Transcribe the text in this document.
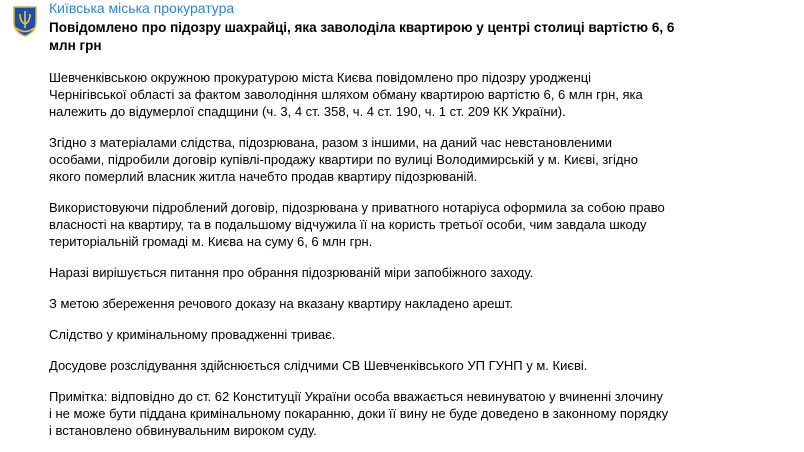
Київська міська прокуратура
Повідомлено про підозру шахрайці, яка заволоділа квартирою у центрі столиці вартістю 6, 6
млн грн
Шевченківською окружною прокуратурою міста Києва повідомлено про підозру уродженці
Чернігівської області за фактом заволодіння шляхом обману квартирою вартістю 6, 6 млн грн, яка
належить до відумерлої спадщини (ч. 3, 4 ст. 358, ч. 4 ст. 190, ч. 1 ст. 209 КК України).
Згідно з матеріалами слідства, підозрювана, разом з іншими, на даний час невстановленими
особами, підробили договір купівлі-продажу квартири по вулиці Володимирській у м. Києві, згідно
якого померлий власник житла начебто продав квартиру підозрюваній.
Використовуючи підроблений договір, підозрювана у приватного нотаріуса оформила за собою право
власності на квартиру, та в подальшому відчужила її на користь третьої особи, чим завдала шкоду
територіальній громаді м. Києва на суму 6, 6 млн грн.
Наразі вирішується питання про обрання підозрюваній міри запобіжного заходу.
З метою збереження речового доказу на вказану квартиру накладено арешт.
Слідство у кримінальному провадженні триває.
Досудове розслідування здійснюється слідчими СВ Шевченківського УП ГУНП у м. Києві.
Примітка: відповідно до ст. 62 Конституції України особа вважається невинуватою у вчиненні злочину
і не може бути піддана кримінальному покаранню, доки її вину не буде доведено в законному порядку
і встановлено обвинувальним вироком суду.
